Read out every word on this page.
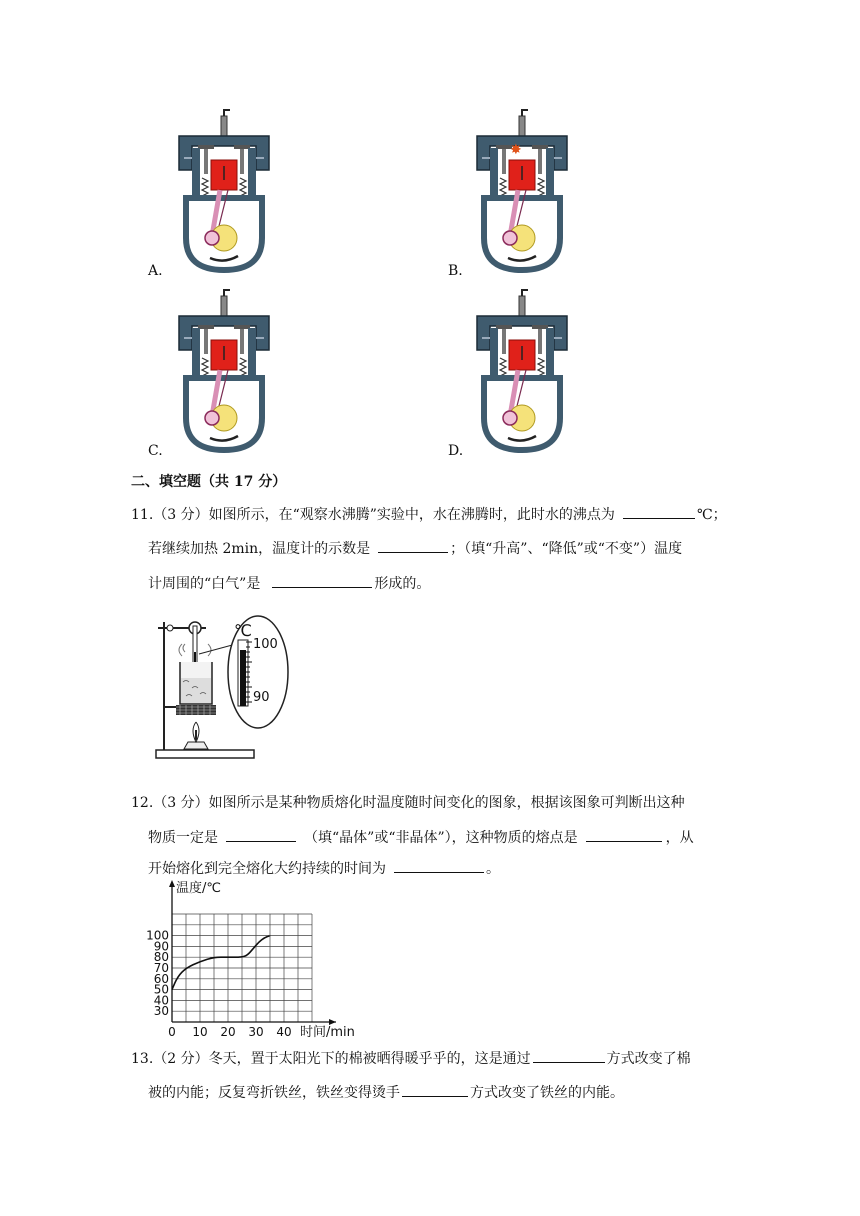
A.
✸
B.
C.	D.
二、填空题（共 17 分）
11.（3 分）如图所示，在“观察水沸腾”实验中，水在沸腾时，此时水的沸点为	℃；
若继续加热 2min，温度计的示数是	；（填“升高”、“降低”或“不变”）温度
计周围的“白气”是	形成的。
℃
100
90
12.（3 分）如图所示是某种物质熔化时温度随时间变化的图象，根据该图象可判断出这种
物质一定是	（填“晶体”或“非晶体”），这种物质的熔点是	，从
开始熔化到完全熔化大约持续的时间为	。
温度/℃
时间/min
0 10 20 30 40
30
40
50
60
70
80
90
100
13.（2 分）冬天，置于太阳光下的棉被晒得暖乎乎的，这是通过	方式改变了棉
被的内能；反复弯折铁丝，铁丝变得烫手	方式改变了铁丝的内能。
